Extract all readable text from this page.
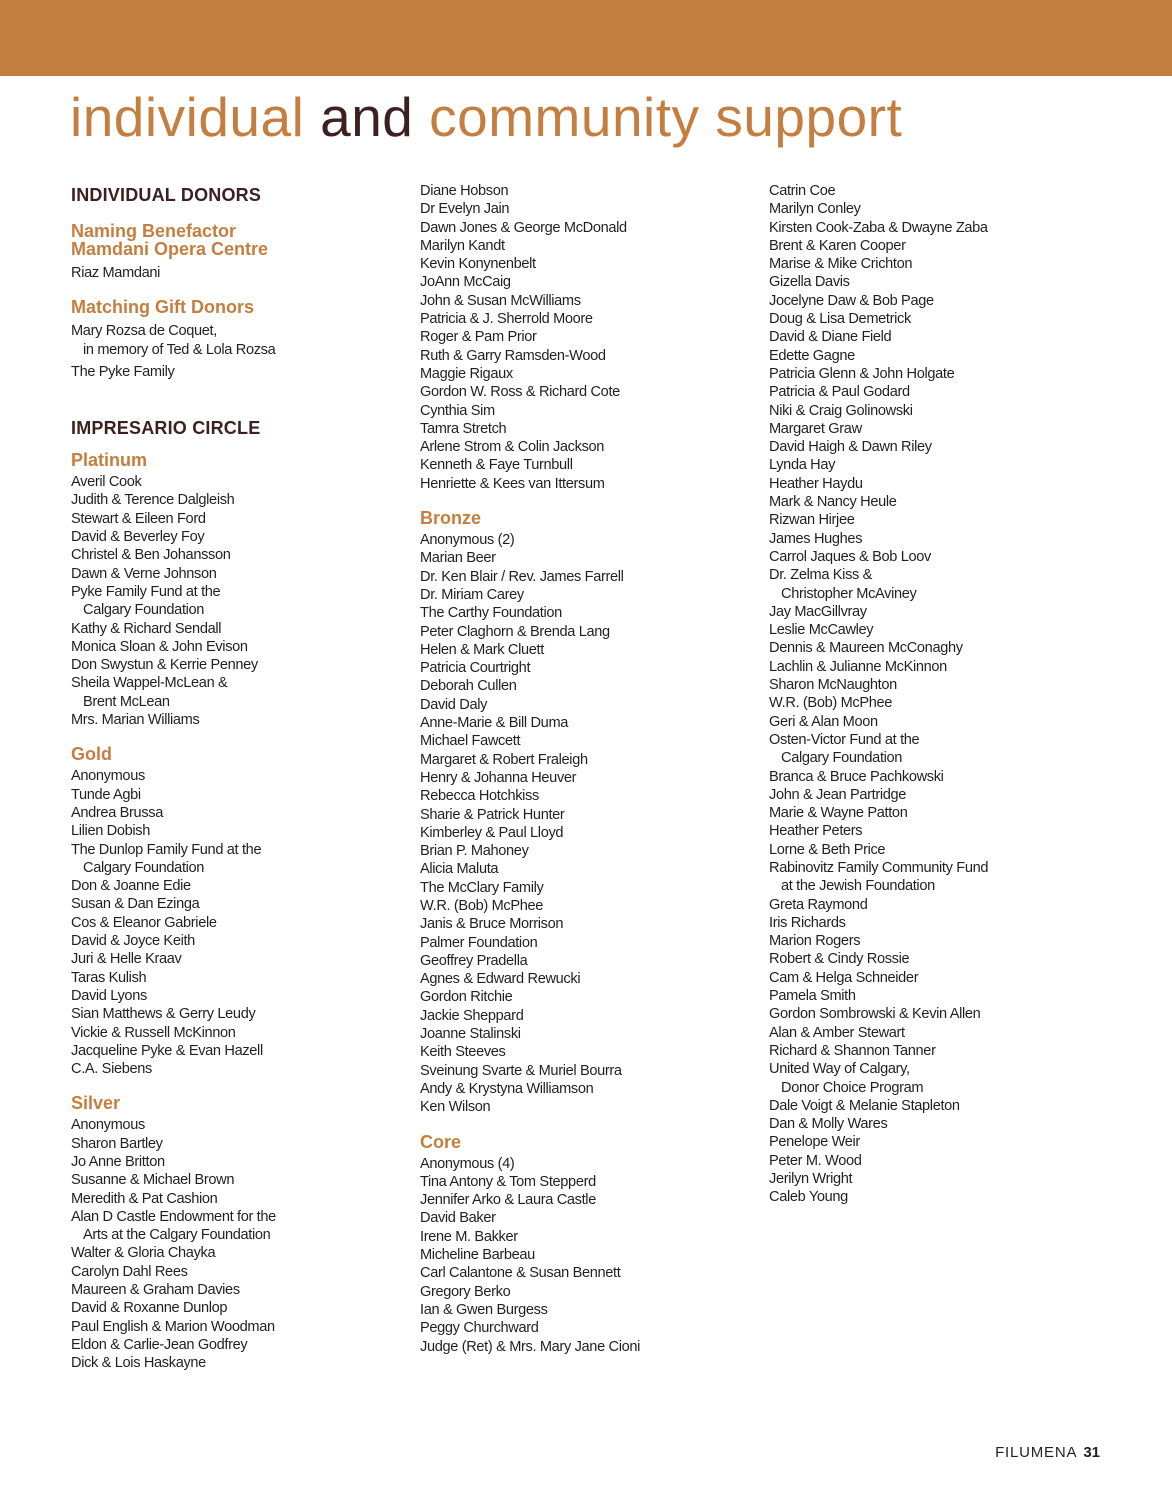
individual and community support
INDIVIDUAL DONORS
Naming Benefactor
Mamdani Opera Centre

Riaz Mamdani

Matching Gift Donors

Mary Rozsa de Coquet,

in memory of Ted & Lola Rozsa

The Pyke Family

IMPRESARIO CIRCLE
Platinum
Averil Cook
Judith & Terence Dalgleish
Stewart & Eileen Ford
David & Beverley Foy
Christel & Ben Johansson
Dawn & Verne Johnson
Pyke Family Fund at the
Calgary Foundation
Kathy & Richard Sendall
Monica Sloan & John Evison
Don Swystun & Kerrie Penney
Sheila Wappel-McLean &
Brent McLean
Mrs. Marian Williams
Gold
Anonymous
Tunde Agbi
Andrea Brussa
Lilien Dobish
The Dunlop Family Fund at the
Calgary Foundation
Don & Joanne Edie
Susan & Dan Ezinga
Cos & Eleanor Gabriele
David & Joyce Keith
Juri & Helle Kraav
Taras Kulish
David Lyons
Sian Matthews & Gerry Leudy
Vickie & Russell McKinnon
Jacqueline Pyke & Evan Hazell
C.A. Siebens
Silver
Anonymous
Sharon Bartley
Jo Anne Britton
Susanne & Michael Brown
Meredith & Pat Cashion
Alan D Castle Endowment for the
Arts at the Calgary Foundation
Walter & Gloria Chayka
Carolyn Dahl Rees
Maureen & Graham Davies
David & Roxanne Dunlop
Paul English & Marion Woodman
Eldon & Carlie-Jean Godfrey
Dick & Lois Haskayne
Diane Hobson
Dr Evelyn Jain
Dawn Jones & George McDonald
Marilyn Kandt
Kevin Konynenbelt
JoAnn McCaig
John & Susan McWilliams
Patricia & J. Sherrold Moore
Roger & Pam Prior
Ruth & Garry Ramsden-Wood
Maggie Rigaux
Gordon W. Ross & Richard Cote
Cynthia Sim
Tamra Stretch
Arlene Strom & Colin Jackson
Kenneth & Faye Turnbull
Henriette & Kees van Ittersum
Bronze
Anonymous (2)
Marian Beer
Dr. Ken Blair / Rev. James Farrell
Dr. Miriam Carey
The Carthy Foundation
Peter Claghorn & Brenda Lang
Helen & Mark Cluett
Patricia Courtright
Deborah Cullen
David Daly
Anne-Marie & Bill Duma
Michael Fawcett
Margaret & Robert Fraleigh
Henry & Johanna Heuver
Rebecca Hotchkiss
Sharie & Patrick Hunter
Kimberley & Paul Lloyd
Brian P. Mahoney
Alicia Maluta
The McClary Family
W.R. (Bob) McPhee
Janis & Bruce Morrison
Palmer Foundation
Geoffrey Pradella
Agnes & Edward Rewucki
Gordon Ritchie
Jackie Sheppard
Joanne Stalinski
Keith Steeves
Sveinung Svarte & Muriel Bourra
Andy & Krystyna Williamson
Ken Wilson
Core
Anonymous (4)
Tina Antony & Tom Stepperd
Jennifer Arko & Laura Castle
David Baker
Irene M. Bakker
Micheline Barbeau
Carl Calantone & Susan Bennett
Gregory Berko
Ian & Gwen Burgess
Peggy Churchward
Judge (Ret) & Mrs. Mary Jane Cioni
Catrin Coe
Marilyn Conley
Kirsten Cook-Zaba & Dwayne Zaba
Brent & Karen Cooper
Marise & Mike Crichton
Gizella Davis
Jocelyne Daw & Bob Page
Doug & Lisa Demetrick
David & Diane Field
Edette Gagne
Patricia Glenn & John Holgate
Patricia & Paul Godard
Niki & Craig Golinowski
Margaret Graw
David Haigh & Dawn Riley
Lynda Hay
Heather Haydu
Mark & Nancy Heule
Rizwan Hirjee
James Hughes
Carrol Jaques & Bob Loov
Dr. Zelma Kiss &
Christopher McAviney
Jay MacGillvray
Leslie McCawley
Dennis & Maureen McConaghy
Lachlin & Julianne McKinnon
Sharon McNaughton
W.R. (Bob) McPhee
Geri & Alan Moon
Osten-Victor Fund at the
Calgary Foundation
Branca & Bruce Pachkowski
John & Jean Partridge
Marie & Wayne Patton
Heather Peters
Lorne & Beth Price
Rabinovitz Family Community Fund
at the Jewish Foundation
Greta Raymond
Iris Richards
Marion Rogers
Robert & Cindy Rossie
Cam & Helga Schneider
Pamela Smith
Gordon Sombrowski & Kevin Allen
Alan & Amber Stewart
Richard & Shannon Tanner
United Way of Calgary,
Donor Choice Program
Dale Voigt & Melanie Stapleton
Dan & Molly Wares
Penelope Weir
Peter M. Wood
Jerilyn Wright
Caleb Young
FILUMENA 31
